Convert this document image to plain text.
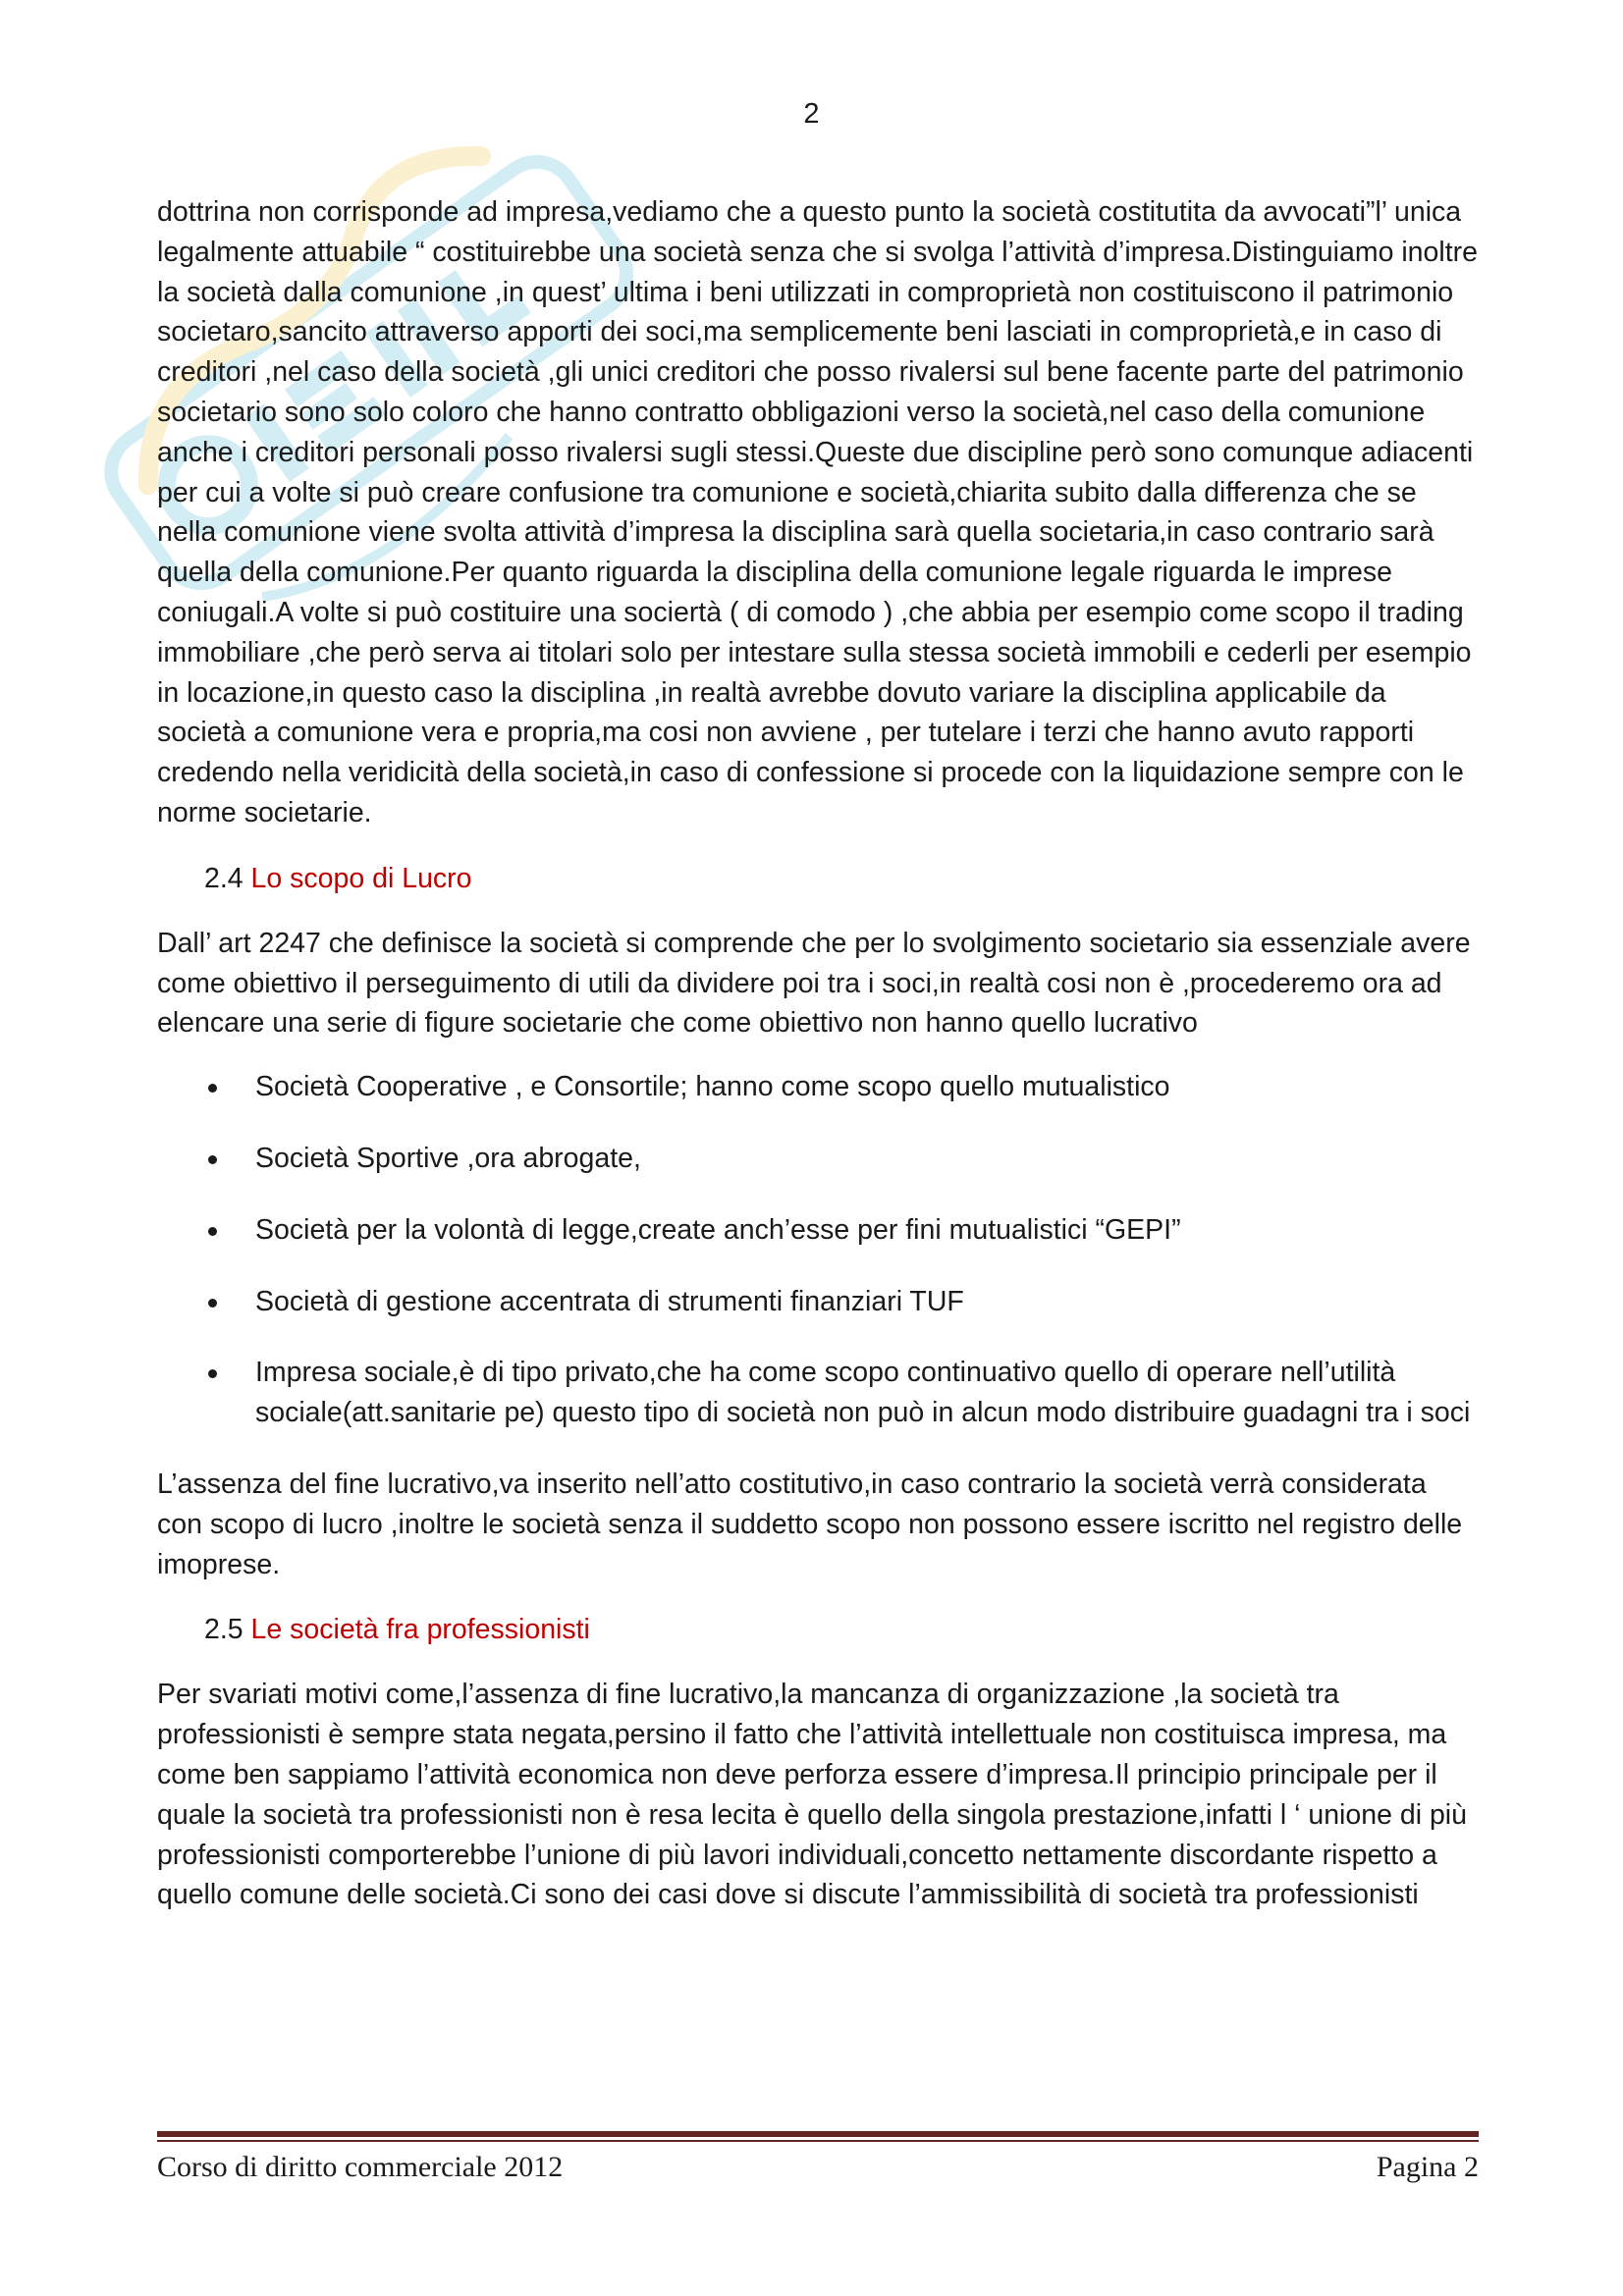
2

dottrina non corrisponde ad impresa,vediamo che a questo punto la società costitutita da avvocati”l’ unica legalmente attuabile “ costituirebbe una società senza che si svolga l’attività d’impresa.Distinguiamo inoltre la società dalla comunione ,in quest’ ultima i beni utilizzati in comproprietà non costituiscono il patrimonio societaro,sancito attraverso apporti dei soci,ma semplicemente beni lasciati in comproprietà,e in caso di creditori ,nel caso della società ,gli unici creditori che posso rivalersi sul bene facente parte del patrimonio societario sono solo coloro che hanno contratto obbligazioni verso la società,nel caso della comunione anche i creditori personali posso rivalersi sugli stessi.Queste due discipline però sono comunque adiacenti per cui a volte si può creare confusione tra comunione e società,chiarita subito dalla differenza che se nella comunione viene svolta attività d’impresa la disciplina sarà quella societaria,in caso contrario sarà quella della comunione.Per quanto riguarda la disciplina della comunione legale riguarda le imprese coniugali.A volte si può costituire una sociertà ( di comodo ) ,che abbia per esempio come scopo il trading immobiliare ,che però serva ai titolari solo per intestare sulla stessa società immobili e cederli per esempio in locazione,in questo caso la disciplina ,in realtà avrebbe dovuto variare la disciplina applicabile da società a comunione vera e propria,ma cosi non avviene , per tutelare i terzi che hanno avuto rapporti credendo nella veridicità della società,in caso di confessione si procede con la liquidazione sempre con le norme societarie.

2.4 Lo scopo di Lucro

Dall’ art 2247 che definisce la società si comprende che per lo svolgimento societario sia essenziale avere come obiettivo il perseguimento di utili da dividere poi tra i soci,in realtà cosi non è ,procederemo ora ad elencare una serie di figure societarie che come obiettivo non hanno quello lucrativo

Società Cooperative , e Consortile; hanno come scopo quello mutualistico
Società Sportive ,ora abrogate,
Società per la volontà di legge,create anch’esse per fini mutualistici “GEPI”
Società di gestione accentrata di strumenti finanziari TUF
Impresa sociale,è di tipo privato,che ha come scopo continuativo quello di operare nell’utilità sociale(att.sanitarie pe) questo tipo di società non può in alcun modo distribuire guadagni tra i soci

L’assenza del fine lucrativo,va inserito nell’atto costitutivo,in caso contrario la società verrà considerata con scopo di lucro ,inoltre le società senza il suddetto scopo non possono essere iscritto nel registro delle imoprese.

2.5 Le società fra professionisti

Per svariati motivi come,l’assenza di fine lucrativo,la mancanza di organizzazione ,la società tra professionisti è sempre stata negata,persino il fatto che l’attività intellettuale non costituisca impresa, ma come ben sappiamo l’attività economica non deve perforza essere d’impresa.Il principio principale per il quale la società tra professionisti non è resa lecita è quello della singola prestazione,infatti l ‘ unione di più professionisti comporterebbe l’unione di più lavori individuali,concetto nettamente discordante rispetto a quello comune delle società.Ci sono dei casi dove si discute l’ammissibilità di società tra professionisti

Corso di diritto commerciale 2012	Pagina 2
